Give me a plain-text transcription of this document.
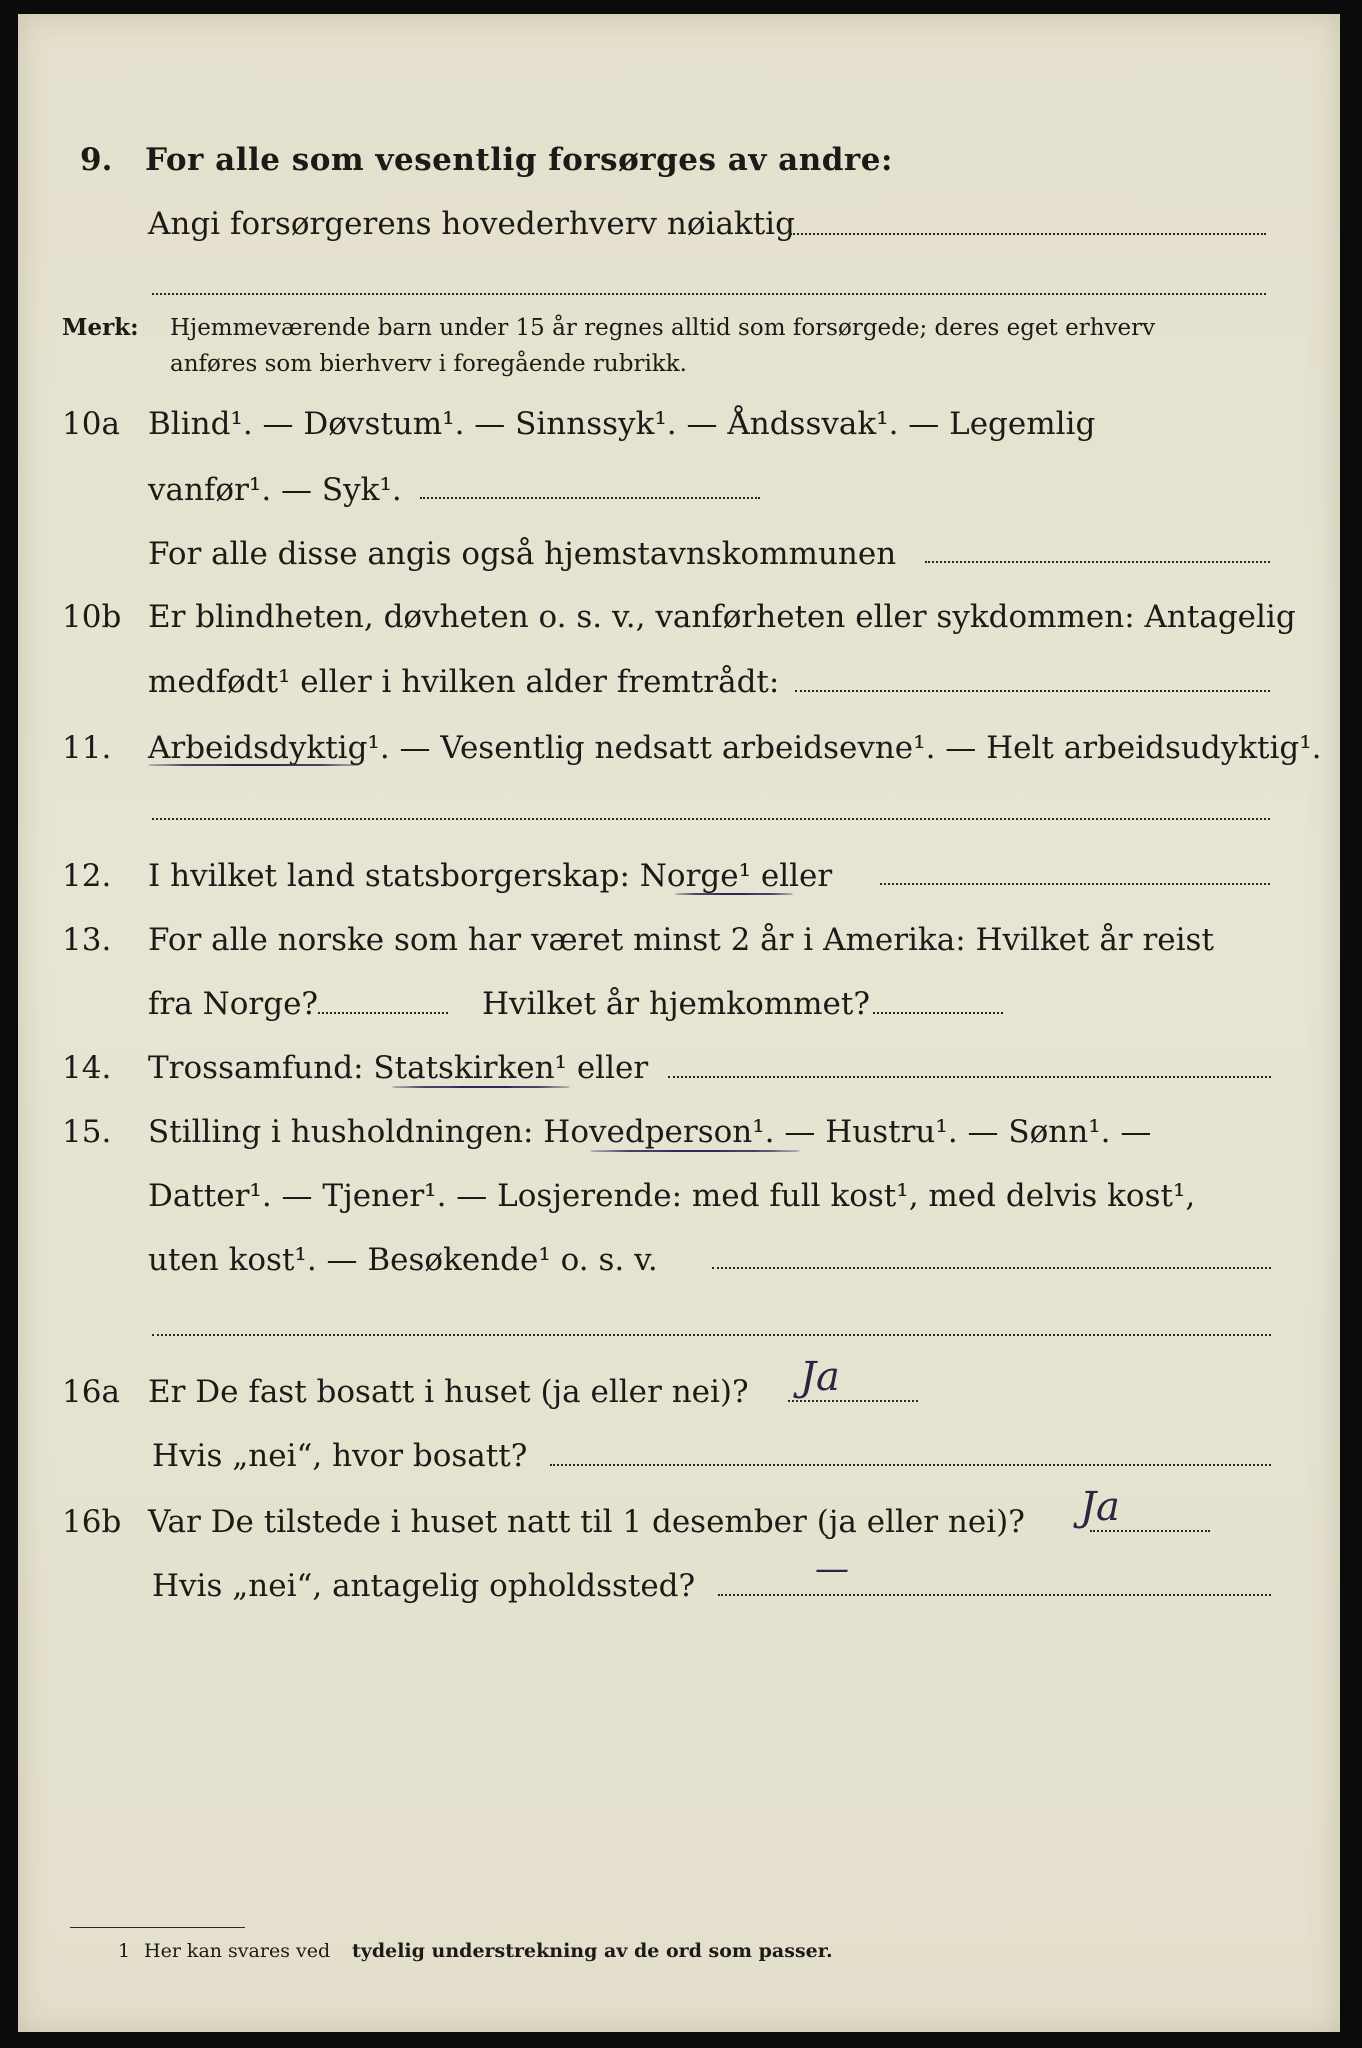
9. For alle som vesentlig forsørges av andre:
Angi forsørgerens hovederhverv nøiaktig
Merk: Hjemmeværende barn under 15 år regnes alltid som forsørgede; deres eget erhverv
anføres som bierhverv i foregående rubrikk.
10a Blind¹. — Døvstum¹. — Sinnssyk¹. — Åndssvak¹. — Legemlig
vanfør¹. — Syk¹.
For alle disse angis også hjemstavnskommunen
10b Er blindheten, døvheten o. s. v., vanførheten eller sykdommen: Antagelig
medfødt¹ eller i hvilken alder fremtrådt:
11. Arbeidsdyktig¹. — Vesentlig nedsatt arbeidsevne¹. — Helt arbeidsudyktig¹.
12. I hvilket land statsborgerskap: Norge¹ eller
13. For alle norske som har været minst 2 år i Amerika: Hvilket år reist
fra Norge?	Hvilket år hjemkommet?
14. Trossamfund: Statskirken¹ eller
15. Stilling i husholdningen: Hovedperson¹. — Hustru¹. — Sønn¹. —
Datter¹. — Tjener¹. — Losjerende: med full kost¹, med delvis kost¹,
uten kost¹. — Besøkende¹ o. s. v.
16a Er De fast bosatt i huset (ja eller nei)? Ja
Hvis „nei“, hvor bosatt?
16b Var De tilstede i huset natt til 1 desember (ja eller nei)? Ja
Hvis „nei“, antagelig opholdssted?	—
1 Her kan svares ved tydelig understrekning av de ord som passer.
